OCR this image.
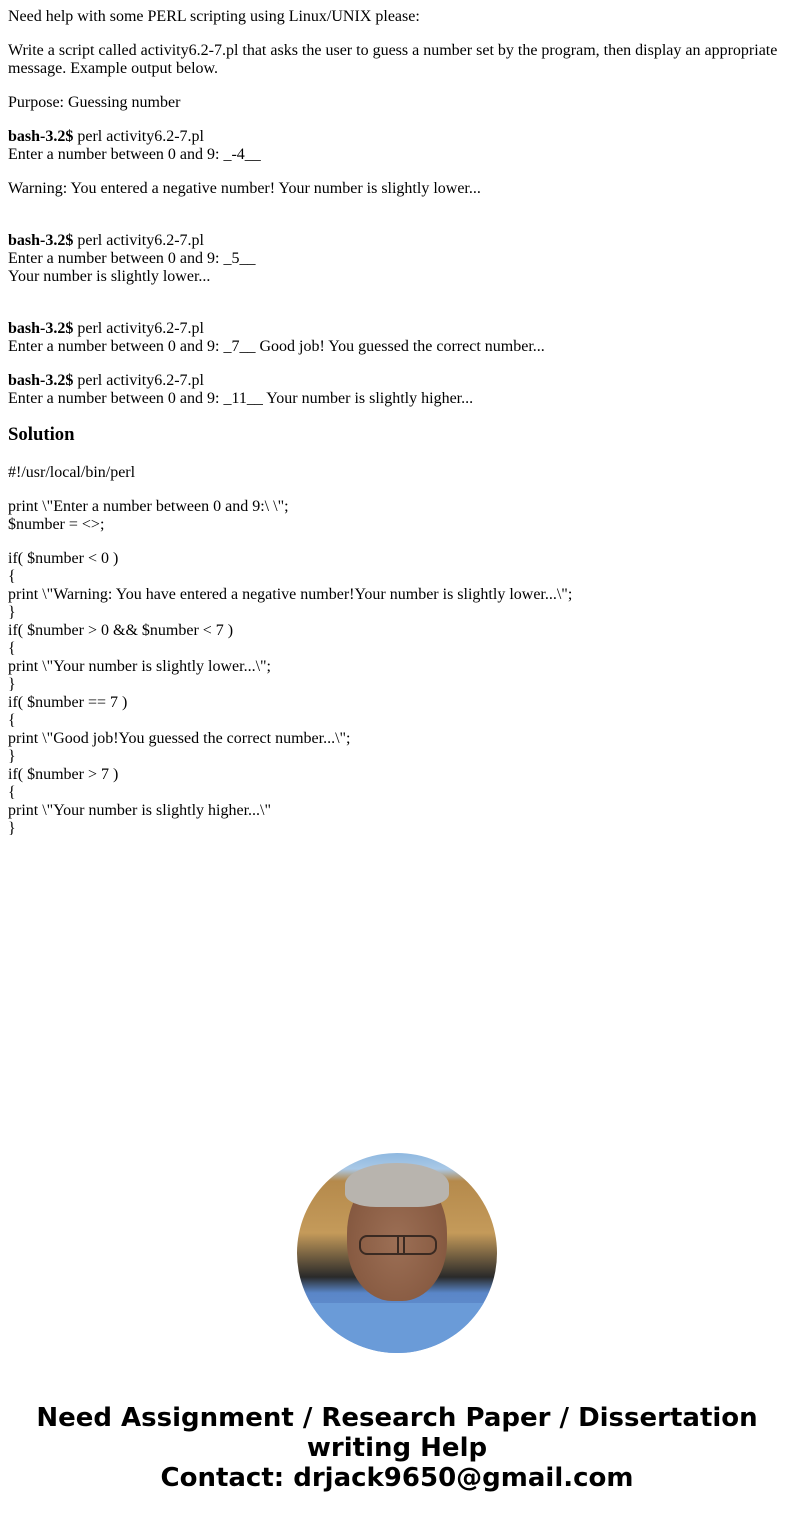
Need help with some PERL scripting using Linux/UNIX please:

Write a script called activity6.2-7.pl that asks the user to guess a number set by the program, then display an appropriate message. Example output below.

Purpose: Guessing number

bash-3.2$ perl activity6.2-7.pl
Enter a number between 0 and 9: _-4__

Warning: You entered a negative number! Your number is slightly lower...

bash-3.2$ perl activity6.2-7.pl
Enter a number between 0 and 9: _5__
Your number is slightly lower...

bash-3.2$ perl activity6.2-7.pl
Enter a number between 0 and 9: _7__ Good job! You guessed the correct number...

bash-3.2$ perl activity6.2-7.pl
Enter a number between 0 and 9: _11__ Your number is slightly higher...

Solution

#!/usr/local/bin/perl

print \"Enter a number between 0 and 9:\ \";
$number = <>;

if( $number < 0 )
{
print \"Warning: You have entered a negative number!Your number is slightly lower...\";
}
if( $number > 0 && $number < 7 )
{
print \"Your number is slightly lower...\";
}
if( $number == 7 )
{
print \"Good job!You guessed the correct number...\";
}
if( $number > 7 )
{
print \"Your number is slightly higher...\"
}

Need Assignment / Research Paper / Dissertation
writing Help
Contact: drjack9650@gmail.com
